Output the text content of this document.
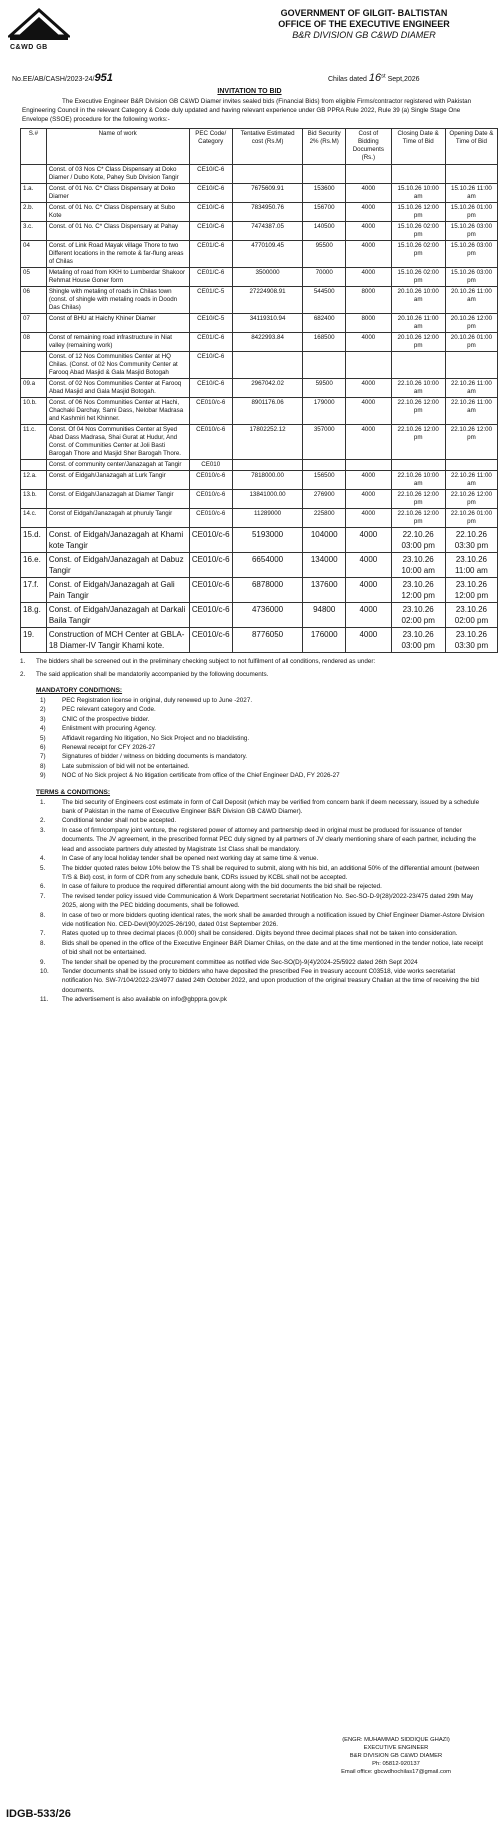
C&WD GB
GOVERNMENT OF GILGIT- BALTISTAN
OFFICE OF THE EXECUTIVE ENGINEER
B&R DIVISION GB C&WD DIAMER
No.EE/AB/CASH/2023-24/951	Chilas dated 16st Sept,2026
INVITATION TO BID

The Executive Engineer B&R Division GB C&WD Diamer invites sealed bids (Financial Bids) from eligible Firms/contractor registered with Pakistan Engineering Council in the relevant Category & Code duly updated and having relevant experience under GB PPRA Rule 2022, Rule 39 (a) Single Stage One Envelope (SSOE) procedure for the following works:-

S.#	Name of work	PEC Code/ Category	Tentative Estimated cost (Rs.M)	Bid Security 2% (Rs.M)	Cost of Bidding Documents (Rs.)	Closing Date & Time of Bid	Opening Date & Time of Bid
	Const. of 03 Nos C* Class Dispensary at Doko Diamer / Dubo Kote, Pahey Sub Division Tangir	CE10/C-6					
1.a.	Const. of 01 No. C* Class Dispensary at Doko Diamer	CE10/C-6	7675609.91	153600	4000	15.10.26 10:00 am	15.10.26 11:00 am
2.b.	Const. of 01 No. C* Class Dispensary at Subo Kote	CE10/C-6	7834950.76	156700	4000	15.10.26 12:00 pm	15.10.26 01:00 pm
3.c.	Const. of 01 No. C* Class Dispensary at Pahay	CE10/C-6	7474387.05	140500	4000	15.10.26 02:00 pm	15.10.26 03:00 pm
04	Const. of Link Road Mayak village Thore to two Different locations in the remote & far-flung areas of Chilas	CE01/C-6	4770109.45	95500	4000	15.10.26 02:00 pm	15.10.26 03:00 pm
05	Metaling of road from KKH to Lumberdar Shakoor Rehmat House Goner form	CE01/C-6	3500000	70000	4000	15.10.26 02:00 pm	15.10.26 03:00 pm
06	Shingle with metaling of roads in Chilas town (const. of shingle with metaling roads in Doodn Das Chilas)	CE01/C-5	27224908.91	544500	8000	20.10.26 10:00 am	20.10.26 11:00 am
07	Const of BHU at Haichy Khiner Diamer	CE10/C-5	34119310.94	682400	8000	20.10.26 11:00 am	20.10.26 12:00 pm
08	Const of remaining road infrastructure in Niat valley (remaining work)	CE01/C-6	8422993.84	168500	4000	20.10.26 12:00 pm	20.10.26 01:00 pm
	Const. of 12 Nos Communities Center at HQ Chilas. (Const. of 02 Nos Community Center at Farooq Abad Masjid & Gala Masjid Botogah	CE10/C-6					
09.a	Const. of 02 Nos Communities Center at Farooq Abad Masjid and Gala Masjid Botogah.	CE10/C-6	2967042.02	59500	4000	22.10.26 10:00 am	22.10.26 11:00 am
10.b.	Const. of 06 Nos Communities Center at Hachi, Chachaki Darchay, Sami Dass, Nelobar Madrasa and Kashmiri het Khinner.	CE010/c-6	8901176.06	179000	4000	22.10.26 12:00 pm	22.10.26 11:00 am
11.c.	Const. Of 04 Nos Communities Center at Syed Abad Dass Madrasa, Shai Gurat at Hudur, And Const. of Communities Center at Joli Basti Barogah Thore and Masjid Sher Barogah Thore.	CE010/c-6	17802252.12	357000	4000	22.10.26 12:00 pm	22.10.26 12:00 pm
	Const. of community center/Janazagah at Tangir	CE010					
12.a.	Const. of Eidgah/Janazagah at Lurk Tangir	CE010/c-6	7818000.00	156500	4000	22.10.26 10:00 am	22.10.26 11:00 am
13.b.	Const. of Eidgah/Janazagah at Diamer Tangir	CE010/c-6	13841000.00	276900	4000	22.10.26 12:00 pm	22.10.26 12:00 pm
14.c.	Const of Eidgah/Janazagah at phuruly Tangir	CE010/c-6	11289000	225800	4000	22.10.26 12:00 pm	22.10.26 01:00 pm
15.d.	Const. of Eidgah/Janazagah at Khami kote Tangir	CE010/c-6	5193000	104000	4000	22.10.26 03:00 pm	22.10.26 03:30 pm
16.e.	Const. of Eidgah/Janazagah at Dabuz Tangir	CE010/c-6	6654000	134000	4000	23.10.26 10:00 am	23.10.26 11:00 am
17.f.	Const. of Eidgah/Janazagah at Gali Pain Tangir	CE010/c-6	6878000	137600	4000	23.10.26 12:00 pm	23.10.26 12:00 pm
18.g.	Const. of Eidgah/Janazagah at Darkali Baila Tangir	CE010/c-6	4736000	94800	4000	23.10.26 02:00 pm	23.10.26 02:00 pm
19.	Construction of MCH Center at GBLA-18 Diamer-IV Tangir Khami kote.	CE010/c-6	8776050	176000	4000	23.10.26 03:00 pm	23.10.26 03:30 pm
1. The bidders shall be screened out in the preliminary checking subject to not fulfilment of all conditions, rendered as under:
2. The said application shall be mandatorily accompanied by the following documents.
MANDATORY CONDITIONS:
1)	PEC Registration license in original, duly renewed up to June -2027.
2)	PEC relevant category and Code.
3)	CNIC of the prospective bidder.
4)	Enlistment with procuring Agency.
5)	Affidavit regarding No litigation, No Sick Project and no blacklisting.
6)	Renewal receipt for CFY 2026-27
7)	Signatures of bidder / witness on bidding documents is mandatory.
8)	Late submission of bid will not be entertained.
9)	NOC of No Sick project & No litigation certificate from office of the Chief Engineer DAD, FY 2026-27
TERMS & CONDITIONS:
1.	The bid security of Engineers cost estimate in form of Call Deposit (which may be verified from concern bank if deem necessary, issued by a schedule bank of Pakistan in the name of Executive Engineer B&R Division GB C&WD Diamer).
2.	Conditional tender shall not be accepted.
3.	In case of firm/company joint venture, the registered power of attorney and partnership deed in original must be produced for issuance of tender documents. The JV agreement, in the prescribed format PEC duly signed by all partners of JV clearly mentioning share of each partner, including the lead and associate partners duly attested by Magistrate 1st Class shall be mandatory.
4.	In Case of any local holiday tender shall be opened next working day at same time & venue.
5.	The bidder quoted rates below 10% below the TS shall be required to submit, along with his bid, an additional 50% of the differential amount (between T/S & Bid) cost, in form of CDR from any schedule bank, CDRs issued by KCBL shall not be accepted.
6.	In case of failure to produce the required differential amount along with the bid documents the bid shall be rejected.
7.	The revised tender policy issued vide Communication & Work Department secretariat Notification No. Sec-SO-D-9(28)/2022-23/475 dated 29th May 2025, along with the PEC bidding documents, shall be followed.
8.	In case of two or more bidders quoting identical rates, the work shall be awarded through a notification issued by Chief Engineer Diamer-Astore Division vide notification No. CED-Devl(90)/2025-26/190, dated 01st September 2026.
7.	Rates quoted up to three decimal places (0.000) shall be considered. Digits beyond three decimal places shall not be taken into consideration.
8.	Bids shall be opened in the office of the Executive Engineer B&R Diamer Chilas, on the date and at the time mentioned in the tender notice, late receipt of bid shall not be entertained.
9.	The tender shall be opened by the procurement committee as notified vide Sec-SO(D)-9(4)/2024-25/5922 dated 26th Sept 2024
10. Tender documents shall be issued only to bidders who have deposited the prescribed Fee in treasury account C03518, vide works secretariat notification No. SW-7/104/2022-23/4977 dated 24th October 2022, and upon production of the original treasury Challan at the time of receiving the bid documents.
11. The advertisement is also available on info@gbppra.gov.pk
(ENGR: MUHAMMAD SIDDIQUE GHAZI)
EXECUTIVE ENGINEER
B&R DIVISION GB C&WD DIAMER
Ph: 05812-920137
Email office: gbcwdhochilas17@gmail.com
IDGB-533/26
